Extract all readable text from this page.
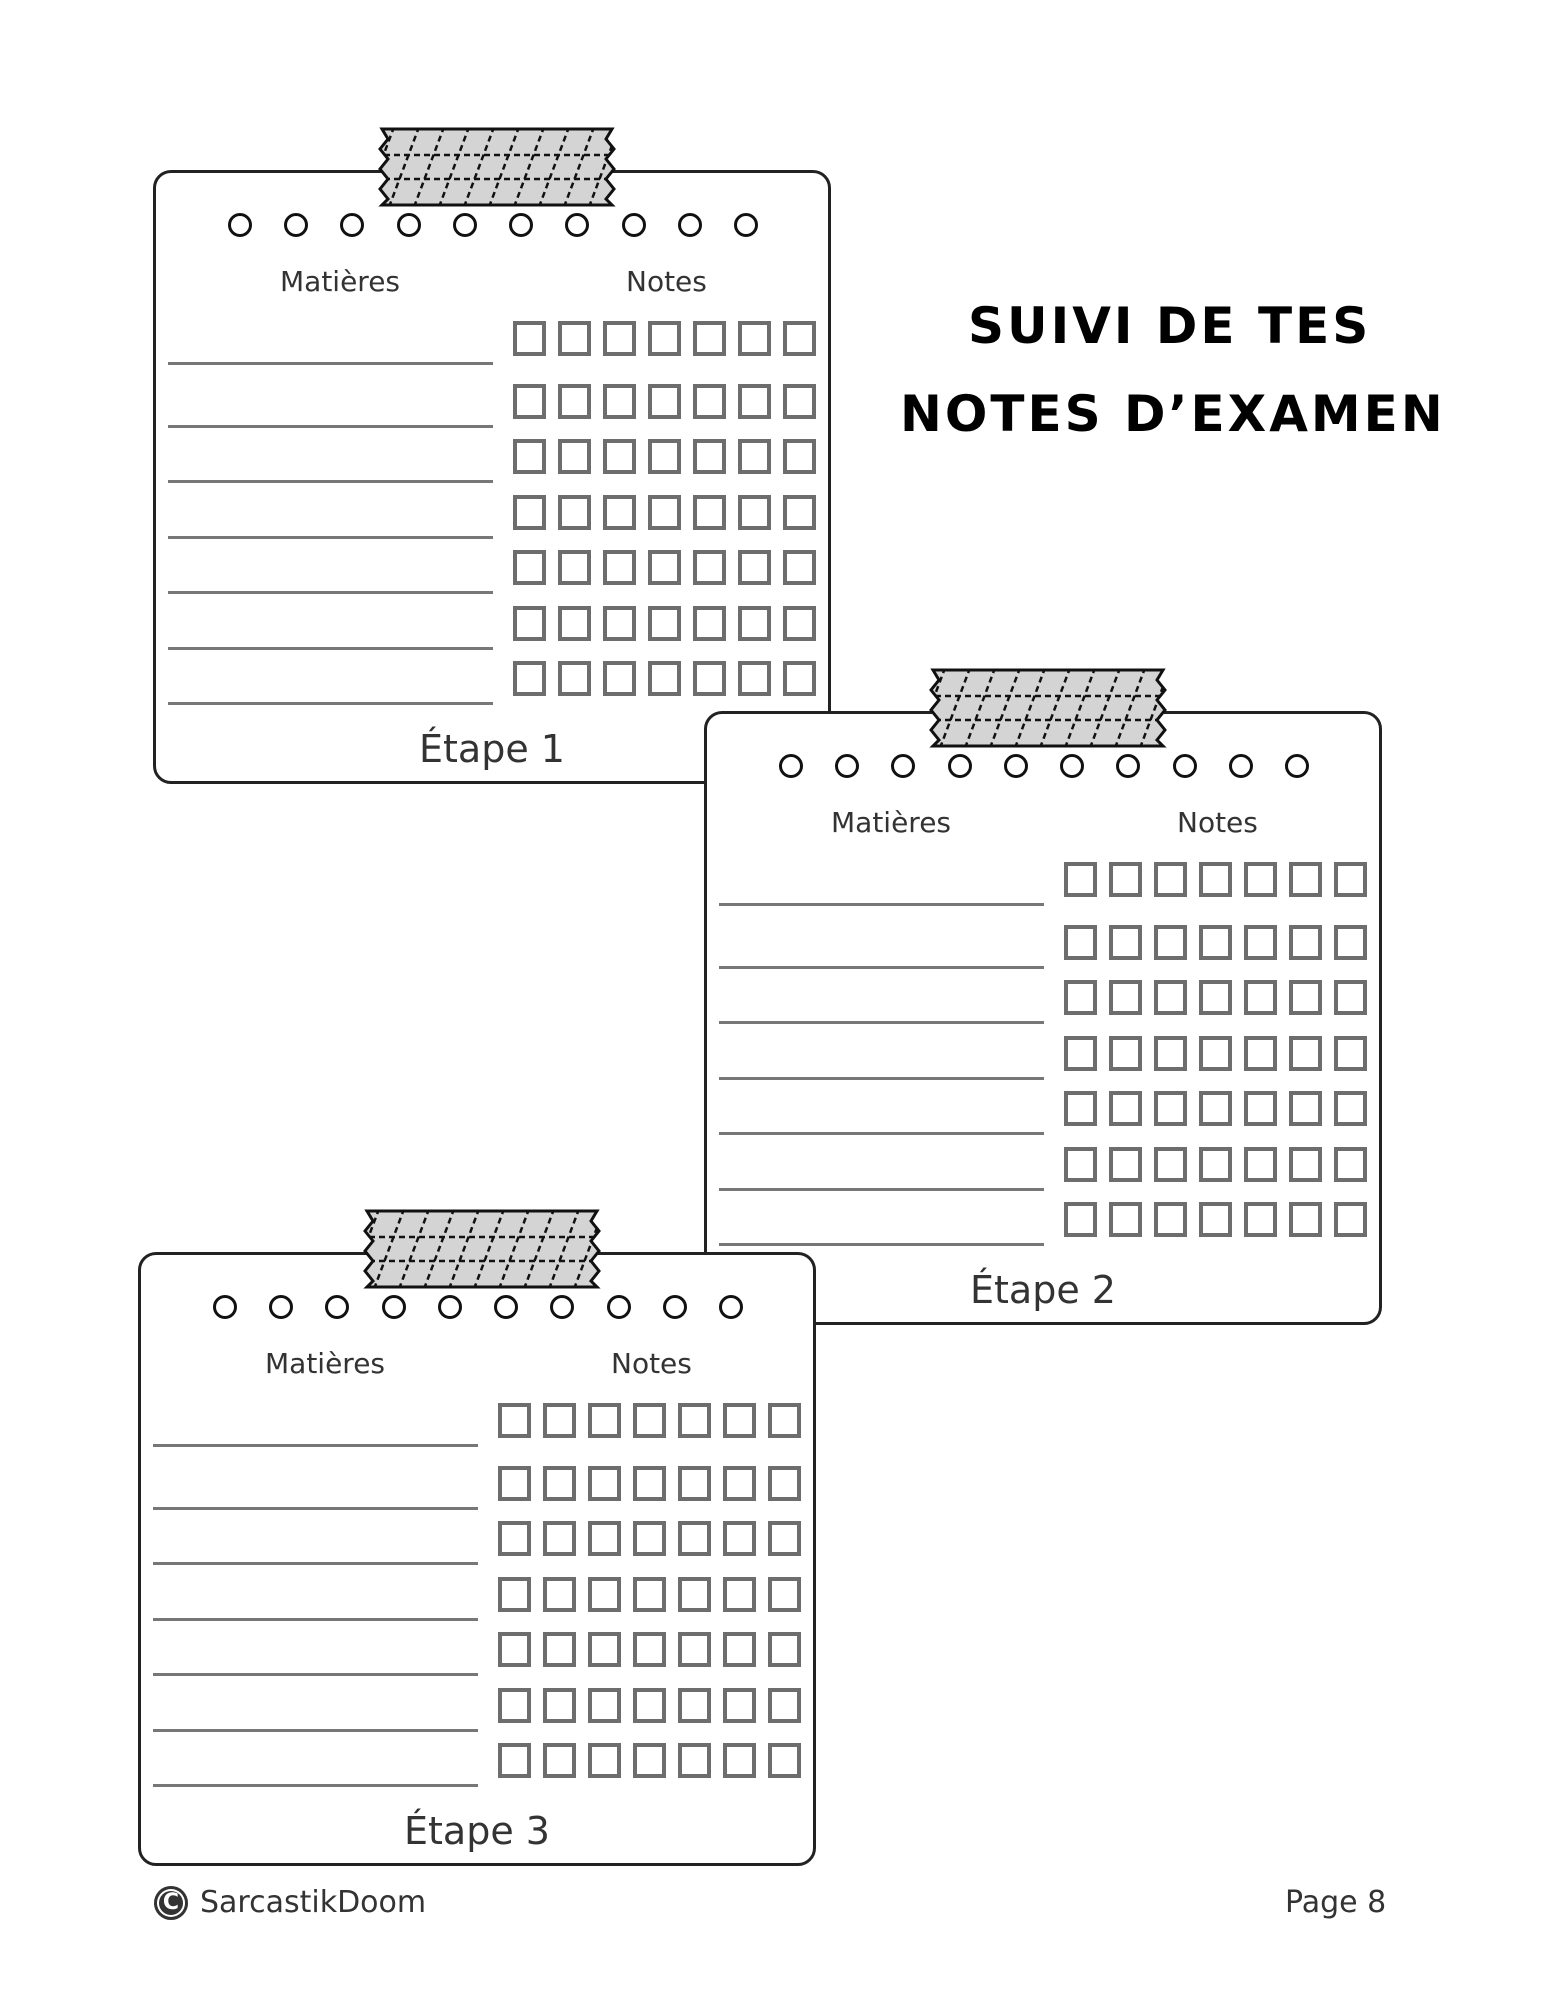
SUIVI DE TES
NOTES D’EXAMEN
Matières	Notes
Étape 1
Matières	Notes
Étape 2
Matières	Notes
Étape 3
C SarcastikDoom	Page 8
